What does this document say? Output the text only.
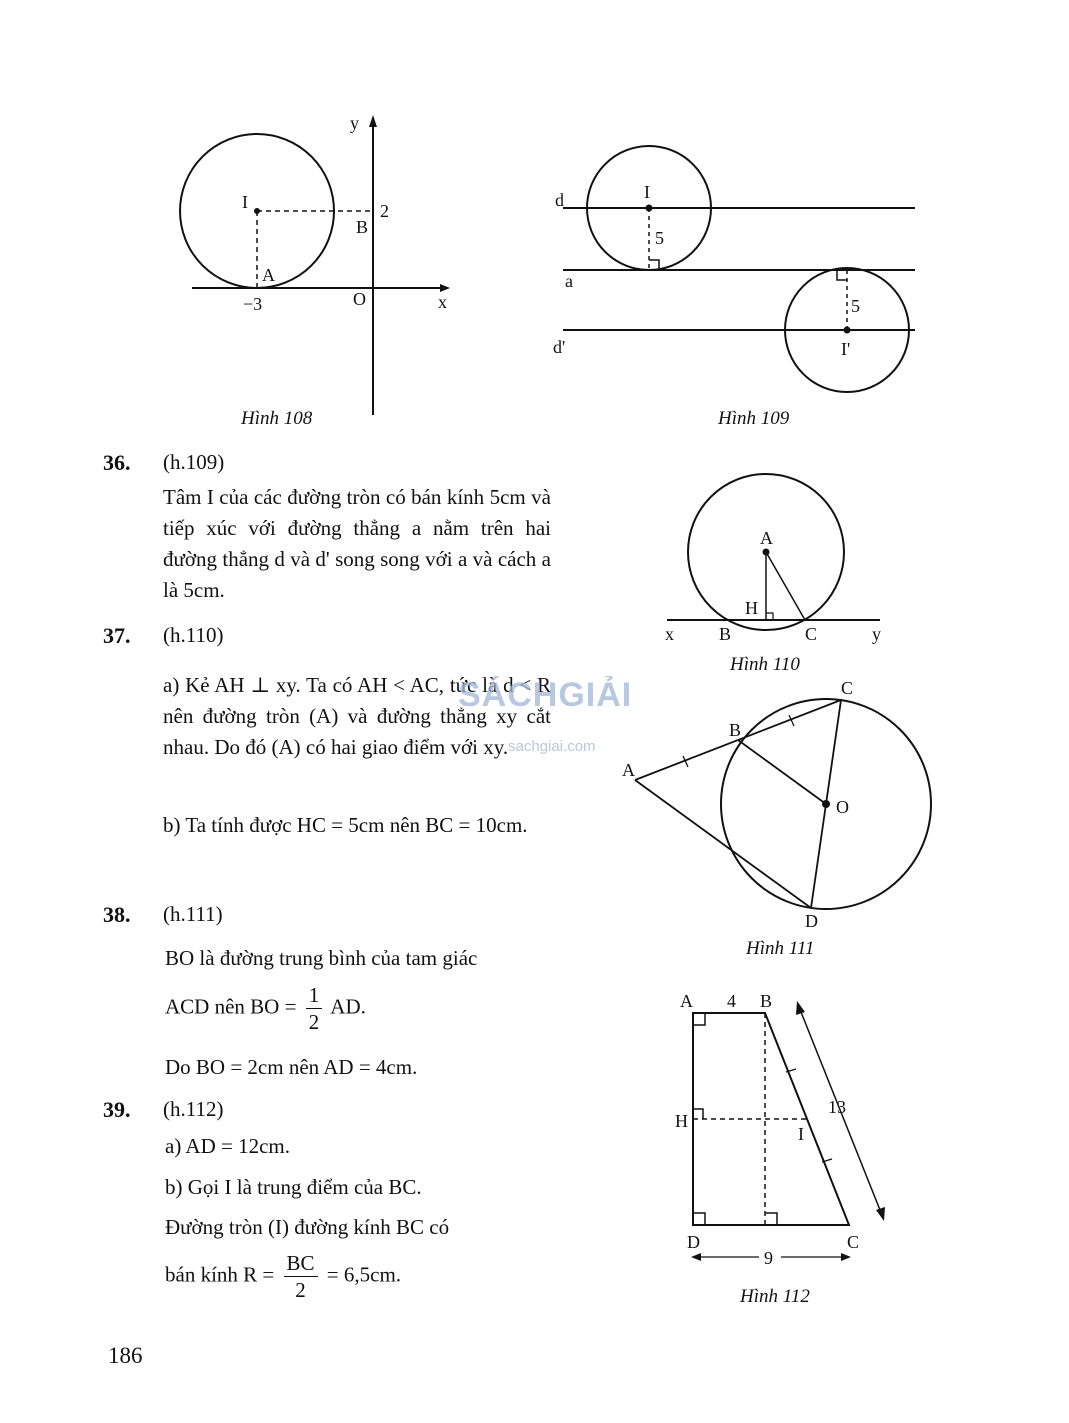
y
x
I	2
B
A
−3	O
Hình 108
d	I
5
a
5
d'	I'
Hình 109
36. (h.109)
Tâm I của các đường tròn có bán kính 5cm và tiếp xúc với đường thẳng a nằm trên hai đường thẳng d và d' song song với a và cách a là 5cm.
A
H
x	B	C	y
Hình 110
37. (h.110)
a) Kẻ AH ⊥ xy. Ta có AH < AC, tức là d < R nên đường tròn (A) và đường thẳng xy cắt nhau. Do đó (A) có hai giao điểm với xy.
b) Ta tính được HC = 5cm nên BC = 10cm.
SÁCHGIẢI
sachgiai.com
C
B
A
O
D
Hình 111
38. (h.111)
BO là đường trung bình của tam giác
ACD nên BO = $\frac{1}{2}$ AD.
Do BO = 2cm nên AD = 4cm.
A 4 B
13
H
I
D
9
C
Hình 112
39. (h.112)
a) AD = 12cm.
b) Gọi I là trung điểm của BC.
Đường tròn (I) đường kính BC có
bán kính $R = \frac{BC}{2} = 6,5cm$.
186
